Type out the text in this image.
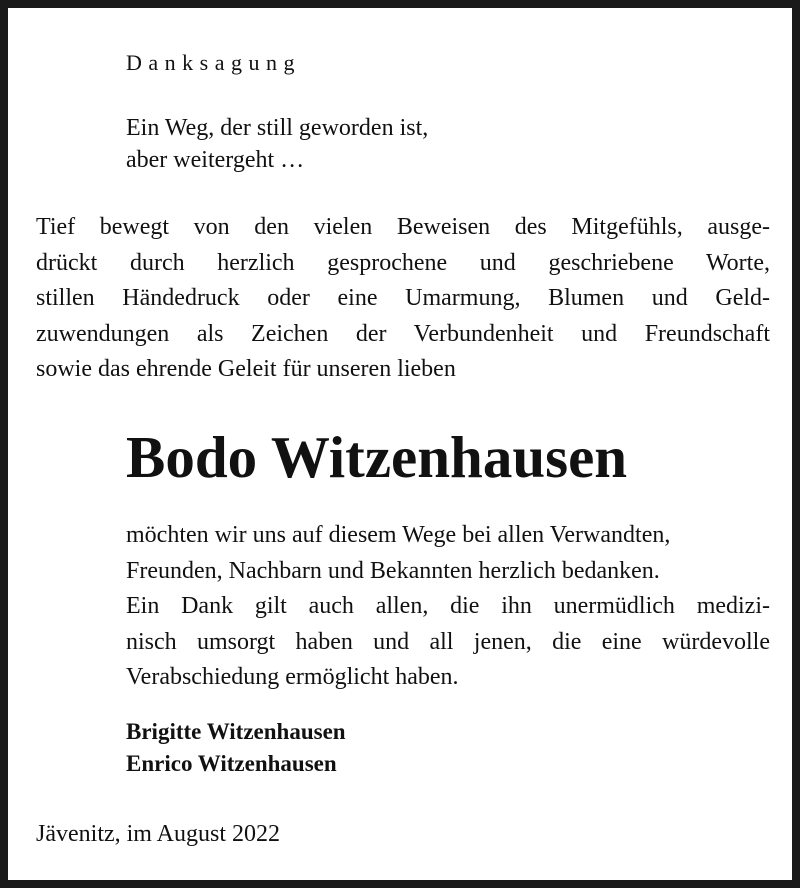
Danksagung
Ein Weg, der still geworden ist,
aber weitergeht …
Tief bewegt von den vielen Beweisen des Mitgefühls, ausge-
drückt durch herzlich gesprochene und geschriebene Worte,
stillen Händedruck oder eine Umarmung, Blumen und Geld-
zuwendungen als Zeichen der Verbundenheit und Freundschaft
sowie das ehrende Geleit für unseren lieben
Bodo Witzenhausen
möchten wir uns auf diesem Wege bei allen Verwandten,
Freunden, Nachbarn und Bekannten herzlich bedanken.
Ein Dank gilt auch allen, die ihn unermüdlich medizi-
nisch umsorgt haben und all jenen, die eine würdevolle
Verabschiedung ermöglicht haben.
Brigitte Witzenhausen
Enrico Witzenhausen
Jävenitz, im August 2022
